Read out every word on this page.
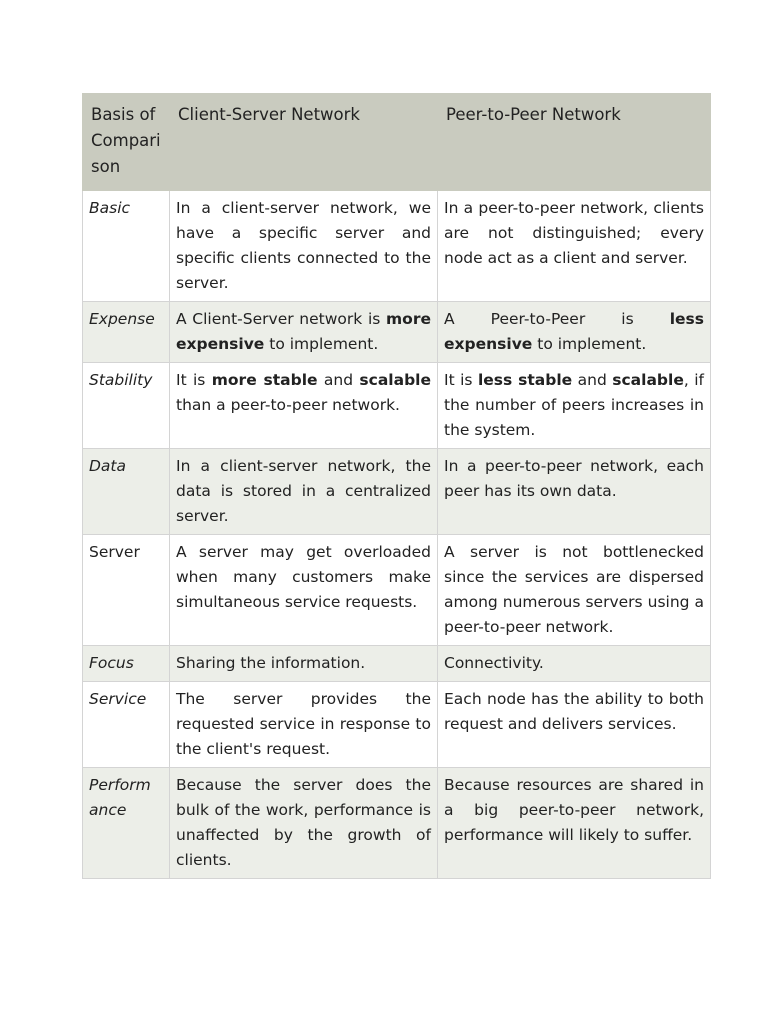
Basis of Compari son	Client-Server Network	Peer-to-Peer Network
Basic	In a client-server network, we have a specific server and specific clients connected to the server.	In a peer-to-peer network, clients are not distinguished; every node act as a client and server.
Expense	A Client-Server network is more expensive to implement.	A Peer-to-Peer is less expensive to implement.
Stability	It is more stable and scalable than a peer-to-peer network.	It is less stable and scalable, if the number of peers increases in the system.
Data	In a client-server network, the data is stored in a centralized server.	In a peer-to-peer network, each peer has its own data.
Server	A server may get overloaded when many customers make simultaneous service requests.	A server is not bottlenecked since the services are dispersed among numerous servers using a peer-to-peer network.
Focus	Sharing the information.	Connectivity.
Service	The server provides the requested service in response to the client's request.	Each node has the ability to both request and delivers services.
Perform ance	Because the server does the bulk of the work, performance is unaffected by the growth of clients.	Because resources are shared in a big peer-to-peer network, performance will likely to suffer.
